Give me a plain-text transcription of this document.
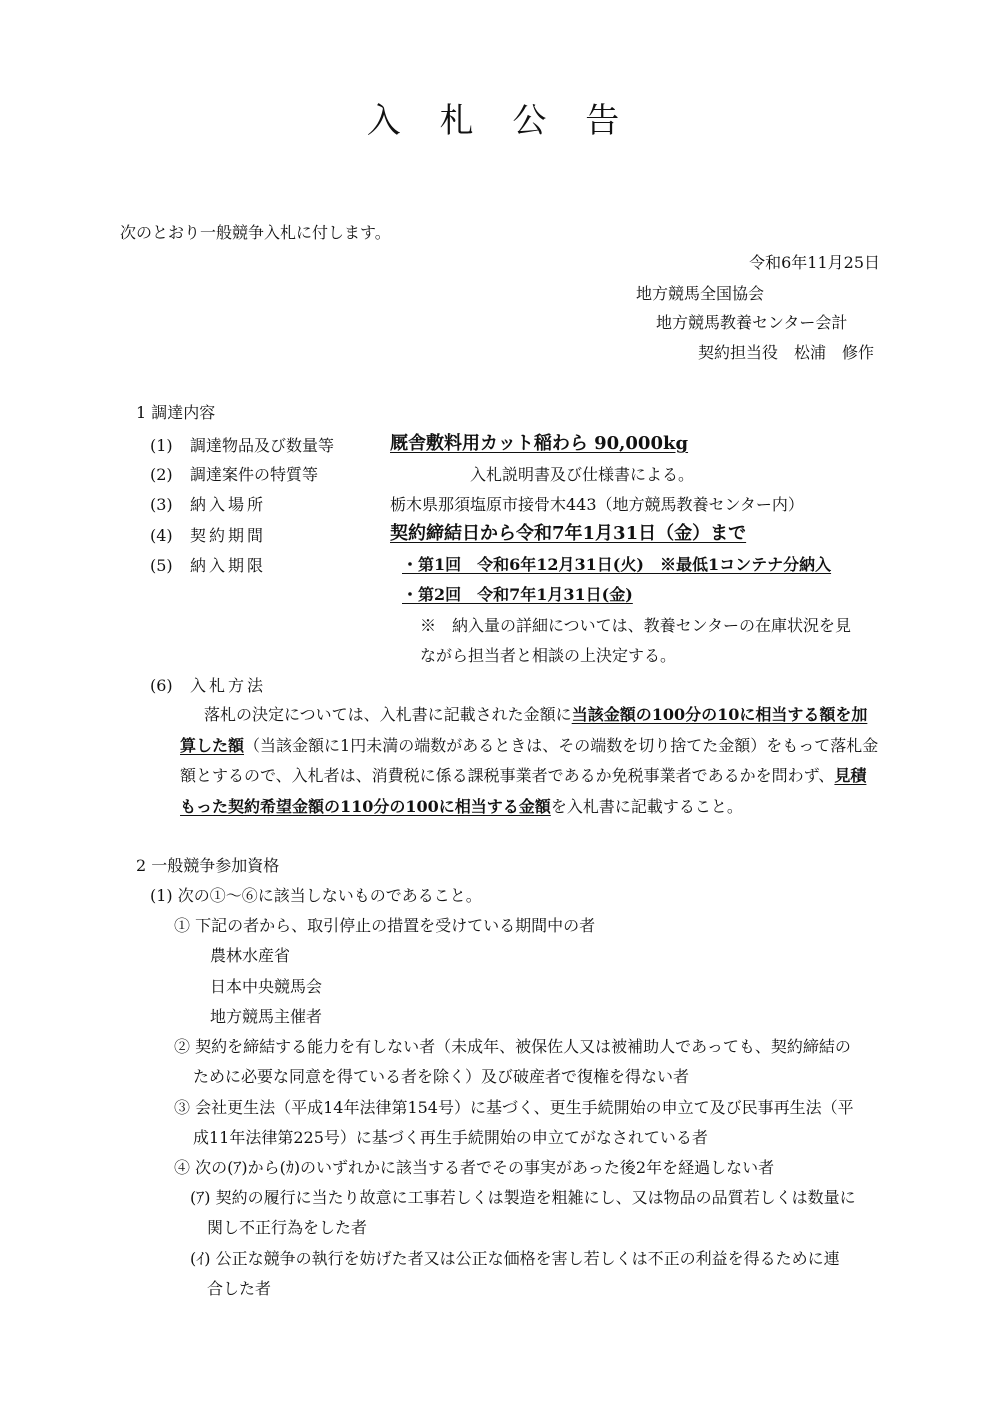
入 札 公 告
次のとおり一般競争入札に付します。
令和6年11月25日
地方競馬全国協会
地方競馬教養センター会計
契約担当役　松浦　修作
1 調達内容
(1) 調達物品及び数量等	厩舎敷料用カット稲わら 90,000kg
(2) 調達案件の特質等	入札説明書及び仕様書による。
(3) 納入場所	栃木県那須塩原市接骨木443（地方競馬教養センター内）
(4) 契約期間	契約締結日から令和7年1月31日（金）まで
(5) 納入期限	・第1回　令和6年12月31日(火)　※最低1コンテナ分納入
・第2回　令和7年1月31日(金)
※　納入量の詳細については、教養センターの在庫状況を見
ながら担当者と相談の上決定する。
(6) 入札方法
落札の決定については、入札書に記載された金額に当該金額の100分の10に相当する額を加算した額（当該金額に1円未満の端数があるときは、その端数を切り捨てた金額）をもって落札金額とするので、入札者は、消費税に係る課税事業者であるか免税事業者であるかを問わず、見積もった契約希望金額の110分の100に相当する金額を入札書に記載すること。
2 一般競争参加資格
(1) 次の①～⑥に該当しないものであること。
① 下記の者から、取引停止の措置を受けている期間中の者
農林水産省
日本中央競馬会
地方競馬主催者
② 契約を締結する能力を有しない者（未成年、被保佐人又は被補助人であっても、契約締結の
ために必要な同意を得ている者を除く）及び破産者で復権を得ない者
③ 会社更生法（平成14年法律第154号）に基づく、更生手続開始の申立て及び民事再生法（平
成11年法律第225号）に基づく再生手続開始の申立てがなされている者
④ 次の(ｱ)から(ｶ)のいずれかに該当する者でその事実があった後2年を経過しない者
(ｱ) 契約の履行に当たり故意に工事若しくは製造を粗雑にし、又は物品の品質若しくは数量に
関し不正行為をした者
(ｲ) 公正な競争の執行を妨げた者又は公正な価格を害し若しくは不正の利益を得るために連
合した者
